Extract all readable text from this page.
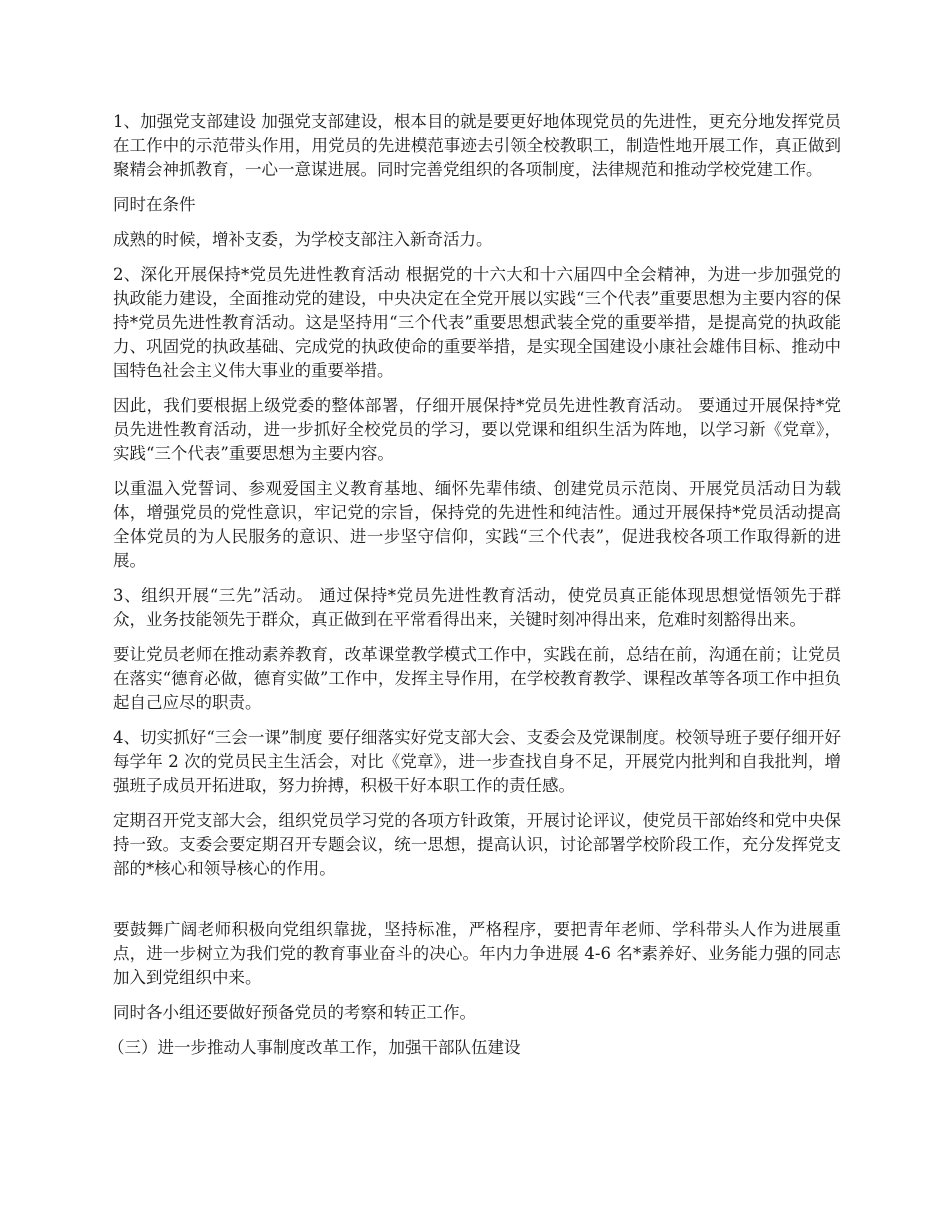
1、加强党支部建设 加强党支部建设，根本目的就是要更好地体现党员的先进性，更充分地发挥党员在工作中的示范带头作用，用党员的先进模范事迹去引领全校教职工，制造性地开展工作，真正做到聚精会神抓教育，一心一意谋进展。同时完善党组织的各项制度，法律规范和推动学校党建工作。

同时在条件

成熟的时候，增补支委，为学校支部注入新奇活力。

2、深化开展保持*党员先进性教育活动 根据党的十六大和十六届四中全会精神，为进一步加强党的执政能力建设，全面推动党的建设，中央决定在全党开展以实践“三个代表”重要思想为主要内容的保持*党员先进性教育活动。这是坚持用“三个代表”重要思想武装全党的重要举措，是提高党的执政能力、巩固党的执政基础、完成党的执政使命的重要举措，是实现全国建设小康社会雄伟目标、推动中国特色社会主义伟大事业的重要举措。

因此，我们要根据上级党委的整体部署，仔细开展保持*党员先进性教育活动。 要通过开展保持*党员先进性教育活动，进一步抓好全校党员的学习，要以党课和组织生活为阵地，以学习新《党章》，实践“三个代表”重要思想为主要内容。

以重温入党誓词、参观爱国主义教育基地、缅怀先辈伟绩、创建党员示范岗、开展党员活动日为载体，增强党员的党性意识，牢记党的宗旨，保持党的先进性和纯洁性。通过开展保持*党员活动提高全体党员的为人民服务的意识、进一步坚守信仰，实践“三个代表”，促进我校各项工作取得新的进展。

3、组织开展“三先”活动。 通过保持*党员先进性教育活动，使党员真正能体现思想觉悟领先于群众，业务技能领先于群众，真正做到在平常看得出来，关键时刻冲得出来，危难时刻豁得出来。

要让党员老师在推动素养教育，改革课堂教学模式工作中，实践在前，总结在前，沟通在前；让党员在落实“德育必做，德育实做”工作中，发挥主导作用，在学校教育教学、课程改革等各项工作中担负起自己应尽的职责。

4、切实抓好“三会一课”制度 要仔细落实好党支部大会、支委会及党课制度。校领导班子要仔细开好每学年 2 次的党员民主生活会，对比《党章》，进一步查找自身不足，开展党内批判和自我批判，增强班子成员开拓进取，努力拚搏，积极干好本职工作的责任感。

定期召开党支部大会，组织党员学习党的各项方针政策，开展讨论评议，使党员干部始终和党中央保持一致。支委会要定期召开专题会议，统一思想，提高认识，讨论部署学校阶段工作，充分发挥党支部的*核心和领导核心的作用。

要鼓舞广阔老师积极向党组织靠拢，坚持标准，严格程序，要把青年老师、学科带头人作为进展重点，进一步树立为我们党的教育事业奋斗的决心。年内力争进展 4-6 名*素养好、业务能力强的同志加入到党组织中来。

同时各小组还要做好预备党员的考察和转正工作。

（三）进一步推动人事制度改革工作，加强干部队伍建设
